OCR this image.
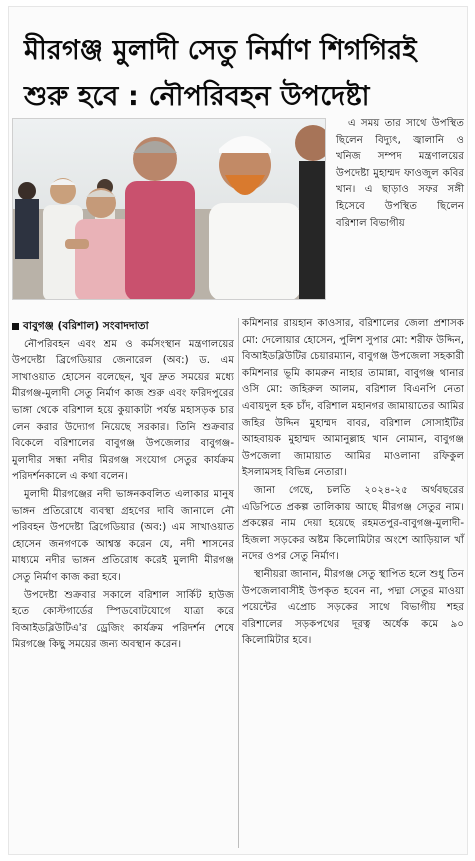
মীরগঞ্জ মুলাদী সেতু নির্মাণ শিগগিরই
শুরু হবে : নৌপরিবহন উপদেষ্টা

এ সময় তার সাথে উপস্থিত ছিলেন বিদ্যুৎ, জ্বালানি ও খনিজ সম্পদ মন্ত্রণালয়ের উপদেষ্টা মুহাম্মদ ফাওজুল কবির খান। এ ছাড়াও সফর সঙ্গী হিসেবে উপস্থিত ছিলেন বরিশাল বিভাগীয়

বাবুগঞ্জ (বরিশাল) সংবাদদাতা

নৌপরিবহন এবং শ্রম ও কর্মসংস্থান মন্ত্রণালয়ের উপদেষ্টা ব্রিগেডিয়ার জেনারেল (অব:) ড. এম সাখাওয়াত হোসেন বলেছেন, খুব দ্রুত সময়ের মধ্যে মীরগঞ্জ-মুলাদী সেতু নির্মাণ কাজ শুরু এবং ফরিদপুরের ভাঙ্গা থেকে বরিশাল হয়ে কুয়াকাটা পর্যন্ত মহাসড়ক চার লেন করার উদ্যোগ নিয়েছে সরকার। তিনি শুক্রবার বিকেলে বরিশালের বাবুগঞ্জ উপজেলার বাবুগঞ্জ-মুলাদীর সন্ধা নদীর মিরগঞ্জ সংযোগ সেতুর কার্যক্রম পরিদর্শনকালে এ কথা বলেন।

মুলাদী মীরগঞ্জের নদী ভাঙ্গনকবলিত এলাকার মানুষ ভাঙ্গন প্রতিরোধে ব্যবস্থা গ্রহণের দাবি জানালে নৌ পরিবহন উপদেষ্টা ব্রিগেডিয়ার (অব:) এম সাখাওয়াত হোসেন জনগণকে আশ্বস্ত করেন যে, নদী শাসনের মাধ্যমে নদীর ভাঙ্গন প্রতিরোধ করেই মুলাদী মীরগঞ্জ সেতু নির্মাণ কাজ করা হবে।

উপদেষ্টা শুক্রবার সকালে বরিশাল সার্কিট হাউজ হতে কোস্টগার্ডের স্পিডবোটযোগে যাত্রা করে বিআইডব্লিউটিএ'র ড্রেজিং কার্যক্রম পরিদর্শন শেষে মিরগঞ্জে কিছু সময়ের জন্য অবস্থান করেন।

কমিশনার রায়হান কাওসার, বরিশালের জেলা প্রশাসক মো: দেলোয়ার হোসেন, পুলিশ সুপার মো: শরীফ উদ্দিন, বিআইডব্লিউটির চেয়ারম্যান, বাবুগঞ্জ উপজেলা সহকারী কমিশনার ভূমি কামরুন নাহার তামান্না, বাবুগঞ্জ থানার ওসি মো: জহিরুল আলম, বরিশাল বিএনপি নেতা এবায়দুল হক চাঁদ, বরিশাল মহানগর জামায়াতের আমির জহির উদ্দিন মুহাম্মদ বাবর, বরিশাল সোসাইটির আহবায়ক মুহাম্মদ আমানুল্লাহ খান নোমান, বাবুগঞ্জ উপজেলা জামায়াত আমির মাওলানা রফিকুল ইসলামসহ বিভিন্ন নেতারা।

জানা গেছে, চলতি ২০২৪-২৫ অর্থবছরের এডিপিতে প্রকল্প তালিকায় আছে মীরগঞ্জ সেতুর নাম। প্রকল্পের নাম দেয়া হয়েছে রহমতপুর-বাবুগঞ্জ-মুলাদী-হিজলা সড়কের অষ্টম কিলোমিটার অংশে আড়িয়াল খাঁ নদের ওপর সেতু নির্মাণ।

স্থানীয়রা জানান, মীরগঞ্জ সেতু স্থাপিত হলে শুধু তিন উপজেলাবাসীই উপকৃত হবেন না, পদ্মা সেতুর মাওয়া পয়েন্টের এপ্রোচ সড়কের সাথে বিভাগীয় শহর বরিশালের সড়কপথের দূরত্ব অর্ধেক কমে ৯০ কিলোমিটার হবে।
